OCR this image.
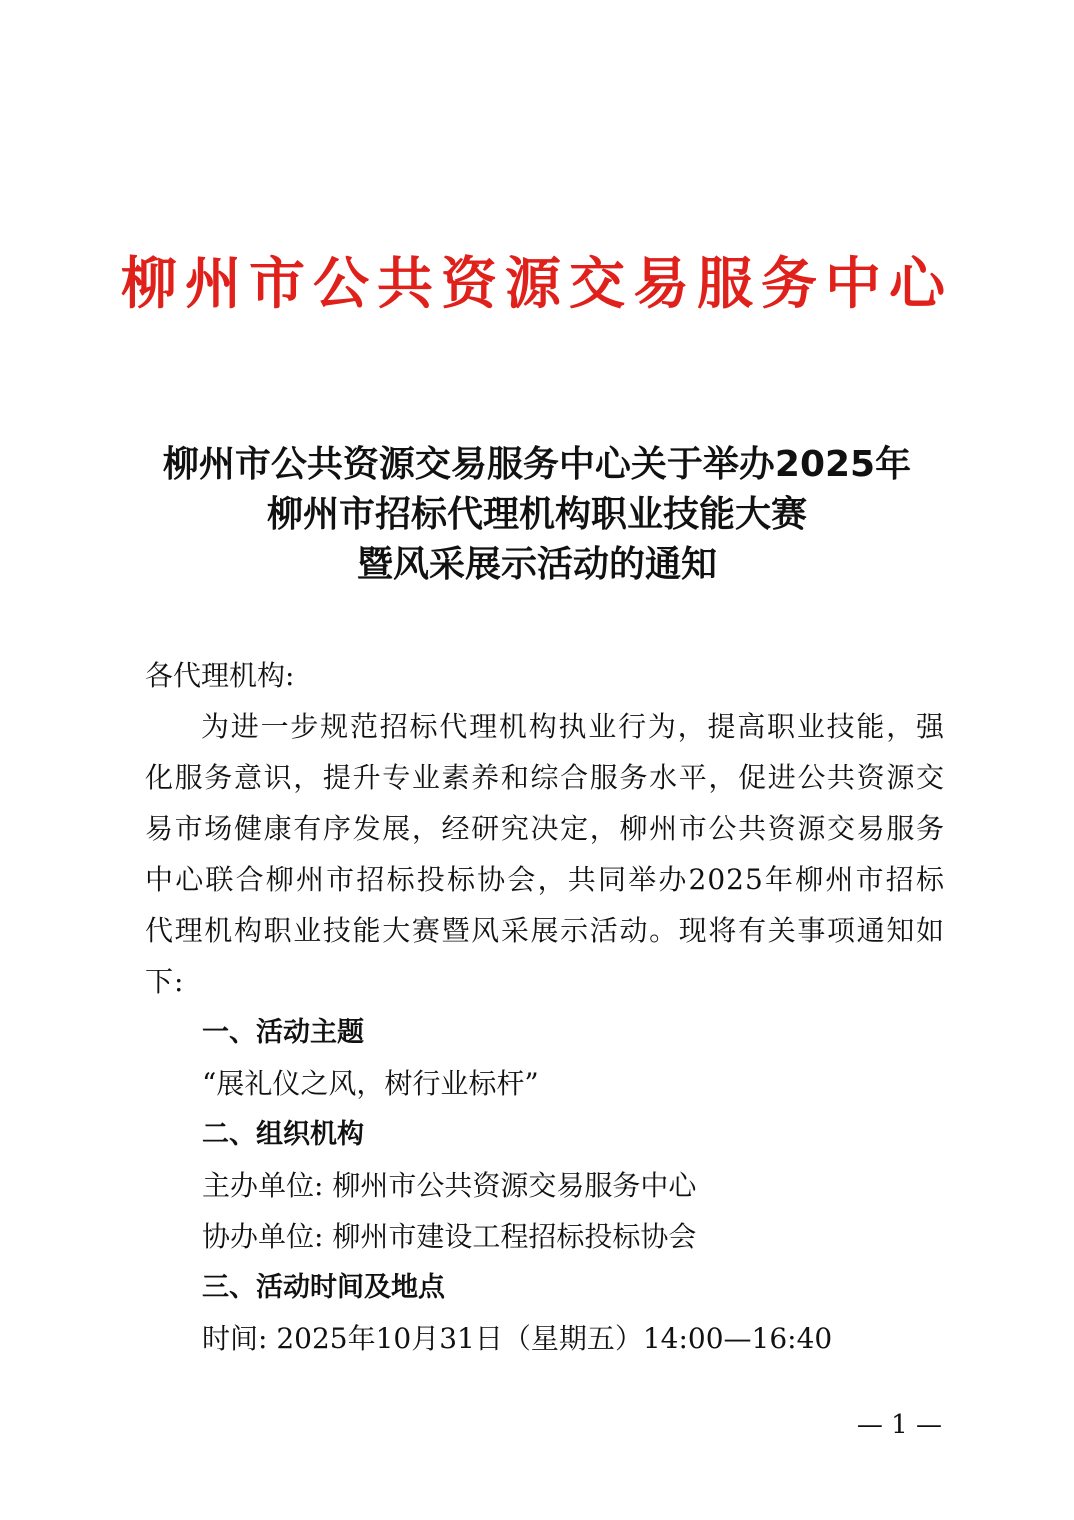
柳州市公共资源交易服务中心
柳州市公共资源交易服务中心关于举办2025年
柳州市招标代理机构职业技能大赛
暨风采展示活动的通知

各代理机构:

为进一步规范招标代理机构执业行为，提高职业技能，强化服务意识，提升专业素养和综合服务水平，促进公共资源交易市场健康有序发展，经研究决定，柳州市公共资源交易服务中心联合柳州市招标投标协会，共同举办2025年柳州市招标代理机构职业技能大赛暨风采展示活动。现将有关事项通知如下:

一、活动主题

“展礼仪之风，树行业标杆”

二、组织机构

主办单位: 柳州市公共资源交易服务中心

协办单位: 柳州市建设工程招标投标协会

三、活动时间及地点

时间: 2025年10月31日（星期五）14:00—16:40

— 1 —
